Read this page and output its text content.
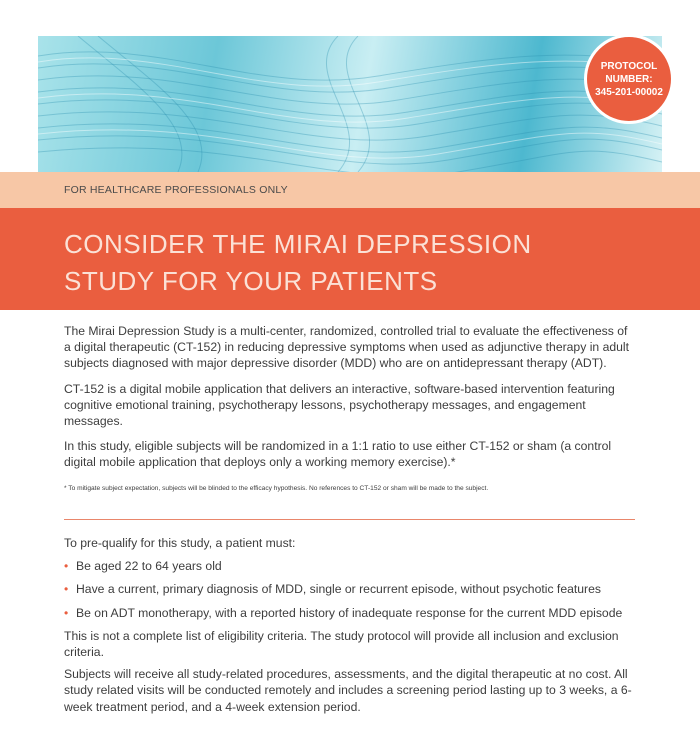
PROTOCOL
NUMBER:
345-201-00002
FOR HEALTHCARE PROFESSIONALS ONLY
CONSIDER THE MIRAI DEPRESSION
STUDY FOR YOUR PATIENTS

The Mirai Depression Study is a multi-center, randomized, controlled trial to evaluate the effectiveness of a digital therapeutic (CT-152) in reducing depressive symptoms when used as adjunctive therapy in adult subjects diagnosed with major depressive disorder (MDD) who are on antidepressant therapy (ADT).

CT-152 is a digital mobile application that delivers an interactive, software-based intervention featuring cognitive emotional training, psychotherapy lessons, psychotherapy messages, and engagement messages.

In this study, eligible subjects will be randomized in a 1:1 ratio to use either CT-152 or sham (a control digital mobile application that deploys only a working memory exercise).*

* To mitigate subject expectation, subjects will be blinded to the efficacy hypothesis. No references to CT-152 or sham will be made to the subject.

To pre-qualify for this study, a patient must:

• Be aged 22 to 64 years old
• Have a current, primary diagnosis of MDD, single or recurrent episode, without psychotic features
• Be on ADT monotherapy, with a reported history of inadequate response for the current MDD episode

This is not a complete list of eligibility criteria. The study protocol will provide all inclusion and exclusion criteria.

Subjects will receive all study-related procedures, assessments, and the digital therapeutic at no cost. All study related visits will be conducted remotely and includes a screening period lasting up to 3 weeks, a 6-week treatment period, and a 4-week extension period.
